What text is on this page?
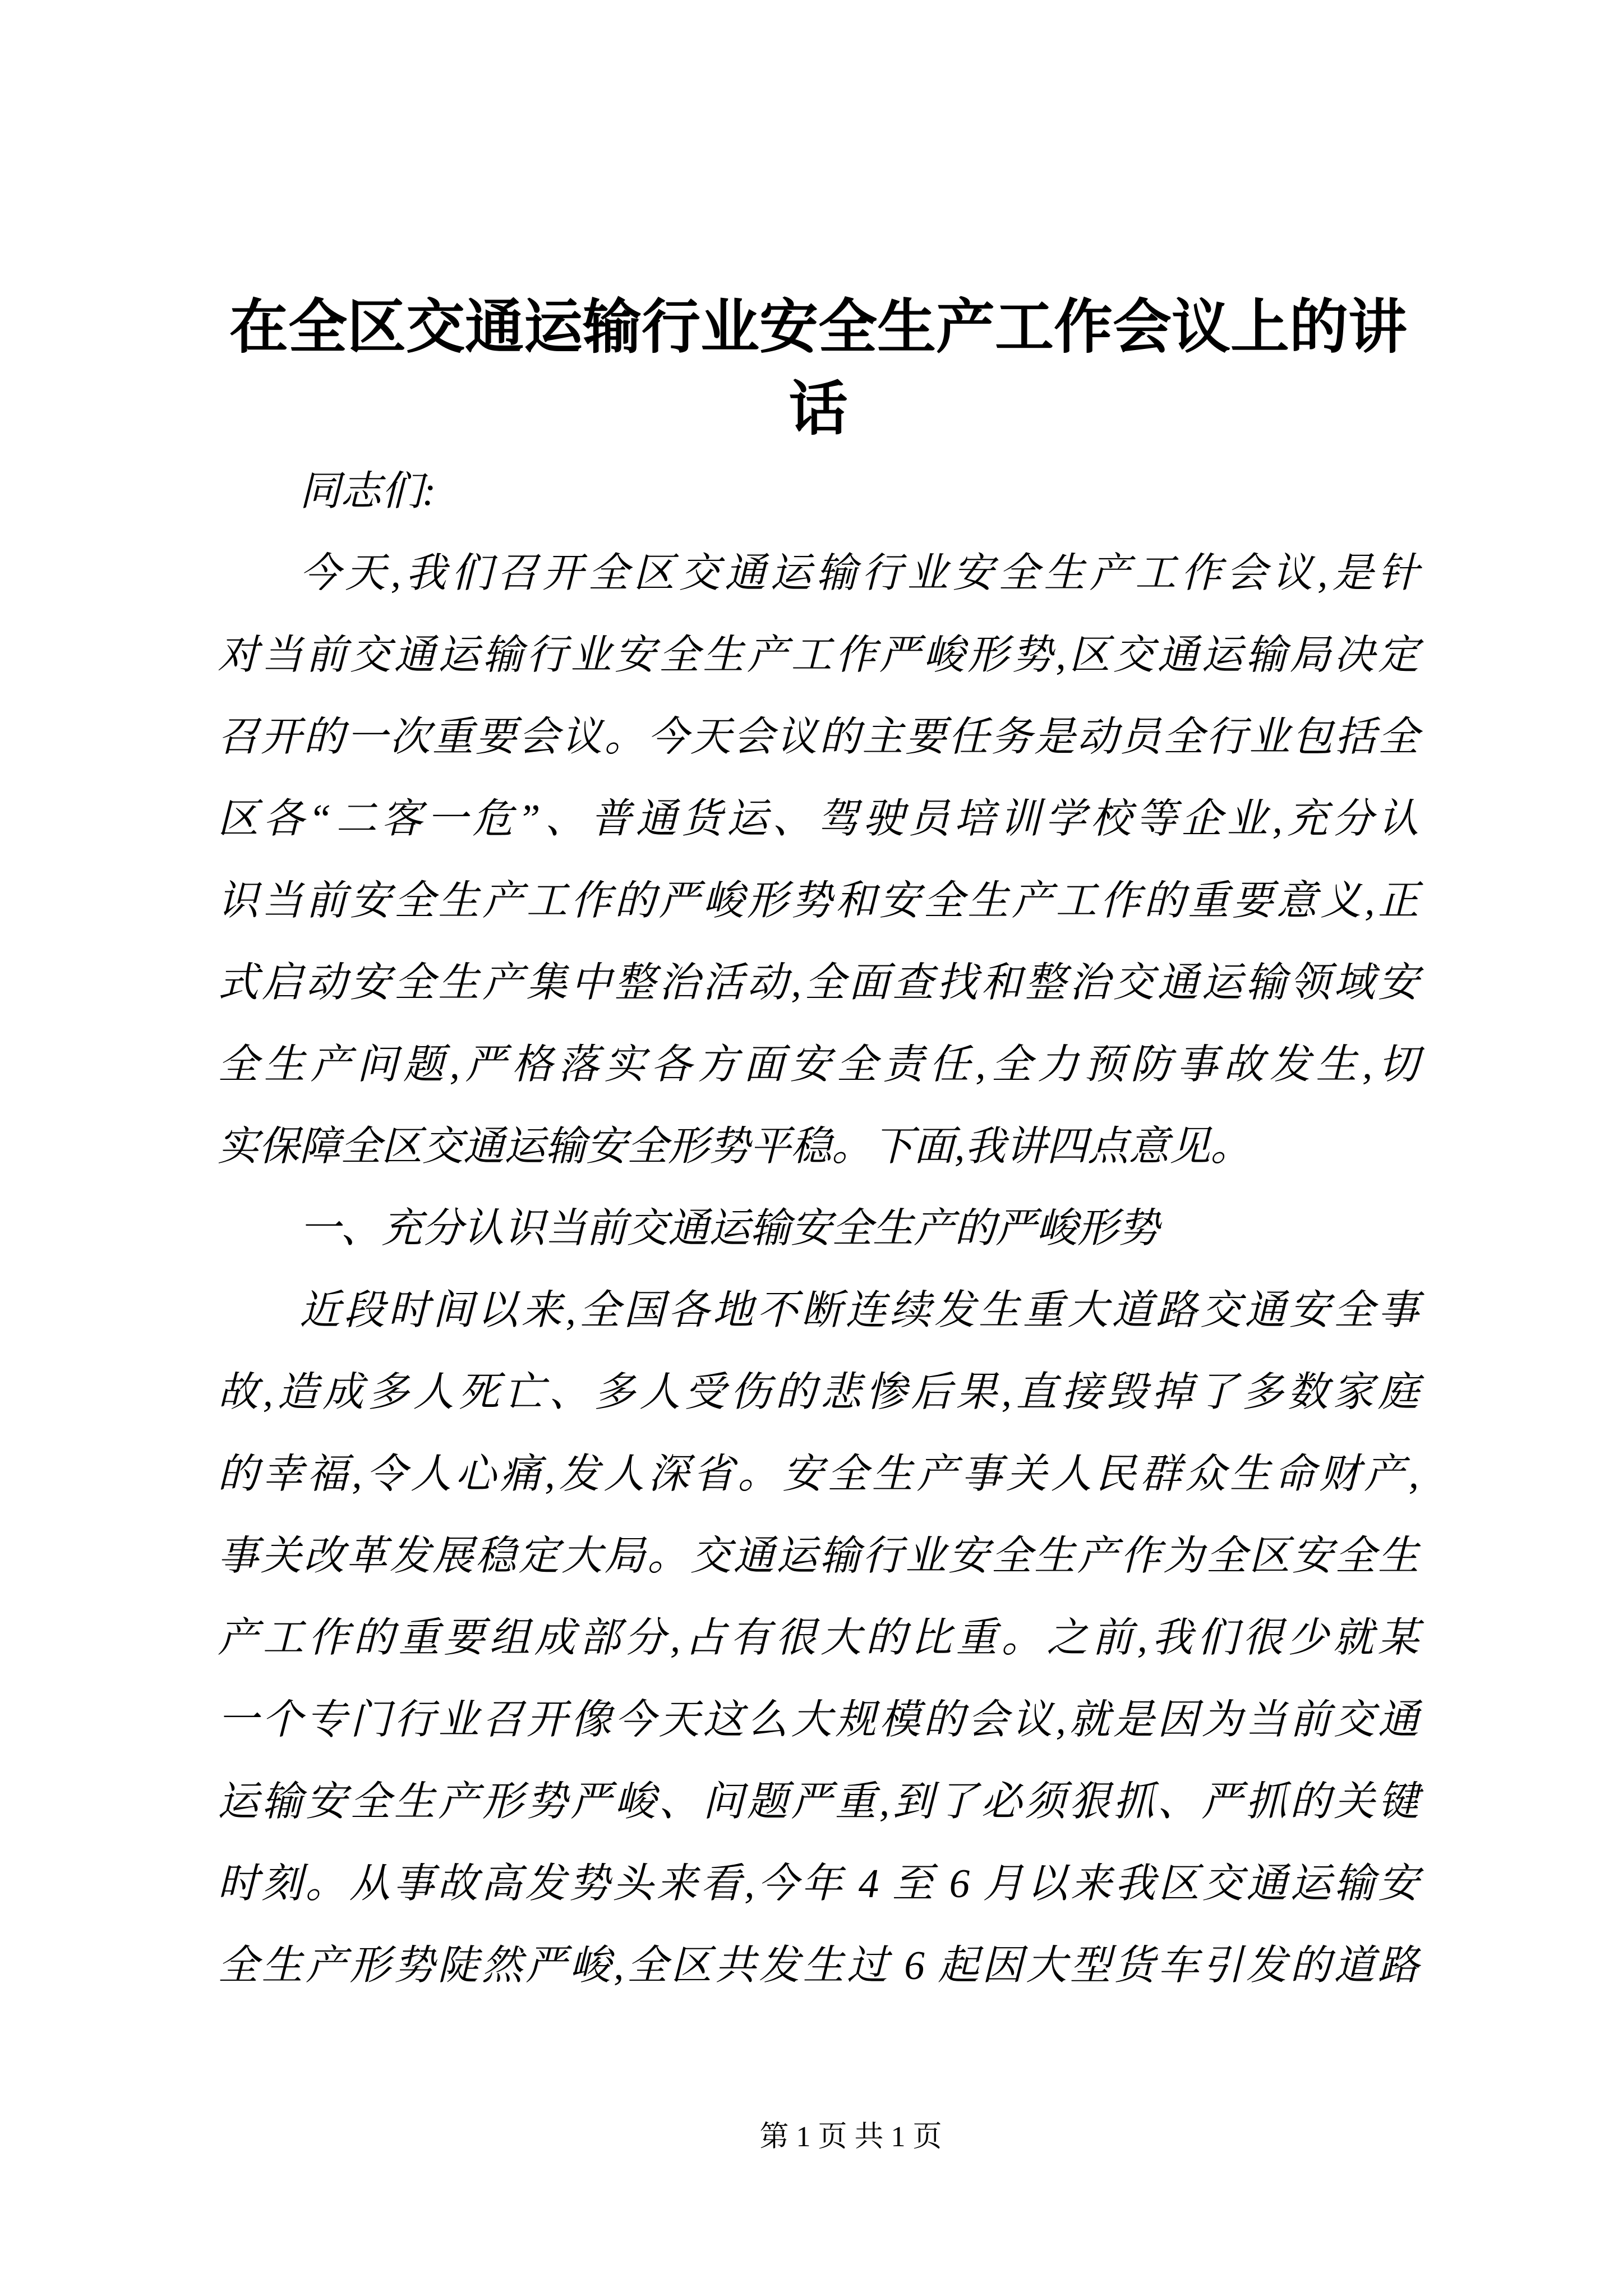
在全区交通运输行业安全生产工作会议上的讲
话
同志们:
今天,我们召开全区交通运输行业安全生产工作会议,是针
对当前交通运输行业安全生产工作严峻形势,区交通运输局决定
召开的一次重要会议。今天会议的主要任务是动员全行业包括全
区各“二客一危”、普通货运、驾驶员培训学校等企业,充分认
识当前安全生产工作的严峻形势和安全生产工作的重要意义,正
式启动安全生产集中整治活动,全面查找和整治交通运输领域安
全生产问题,严格落实各方面安全责任,全力预防事故发生,切
实保障全区交通运输安全形势平稳。下面,我讲四点意见。
一、充分认识当前交通运输安全生产的严峻形势
近段时间以来,全国各地不断连续发生重大道路交通安全事
故,造成多人死亡、多人受伤的悲惨后果,直接毁掉了多数家庭
的幸福,令人心痛,发人深省。安全生产事关人民群众生命财产,
事关改革发展稳定大局。交通运输行业安全生产作为全区安全生
产工作的重要组成部分,占有很大的比重。之前,我们很少就某
一个专门行业召开像今天这么大规模的会议,就是因为当前交通
运输安全生产形势严峻、问题严重,到了必须狠抓、严抓的关键
时刻。从事故高发势头来看,今年 4 至 6 月以来我区交通运输安
全生产形势陡然严峻,全区共发生过 6 起因大型货车引发的道路
第 1 页 共 1 页
